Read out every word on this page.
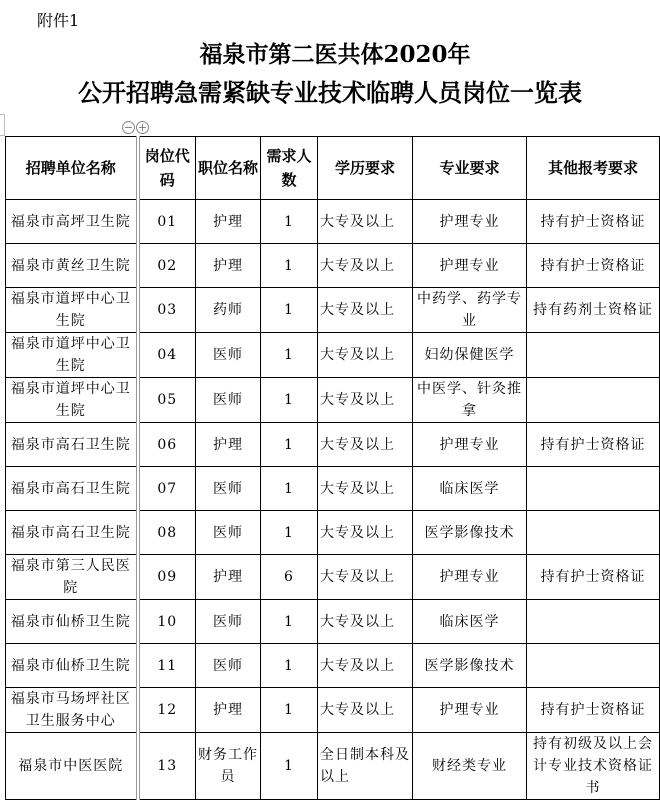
附件1
福泉市第二医共体2020年
公开招聘急需紧缺专业技术临聘人员岗位一览表
− +
招聘单位名称	岗位代码	职位名称	需求人数	学历要求	专业要求	其他报考要求
福泉市高坪卫生院	01	护理	1	大专及以上	护理专业	持有护士资格证
福泉市黄丝卫生院	02	护理	1	大专及以上	护理专业	持有护士资格证
福泉市道坪中心卫生院	03	药师	1	大专及以上	中药学、药学专业	持有药剂士资格证
福泉市道坪中心卫生院	04	医师	1	大专及以上	妇幼保健医学	
福泉市道坪中心卫生院	05	医师	1	大专及以上	中医学、针灸推拿	
福泉市高石卫生院	06	护理	1	大专及以上	护理专业	持有护士资格证
福泉市高石卫生院	07	医师	1	大专及以上	临床医学	
福泉市高石卫生院	08	医师	1	大专及以上	医学影像技术	
福泉市第三人民医院	09	护理	6	大专及以上	护理专业	持有护士资格证
福泉市仙桥卫生院	10	医师	1	大专及以上	临床医学	
福泉市仙桥卫生院	11	医师	1	大专及以上	医学影像技术	
福泉市马场坪社区卫生服务中心	12	护理	1	大专及以上	护理专业	持有护士资格证
福泉市中医医院	13	财务工作员	1	全日制本科及以上	财经类专业	持有初级及以上会计专业技术资格证书
